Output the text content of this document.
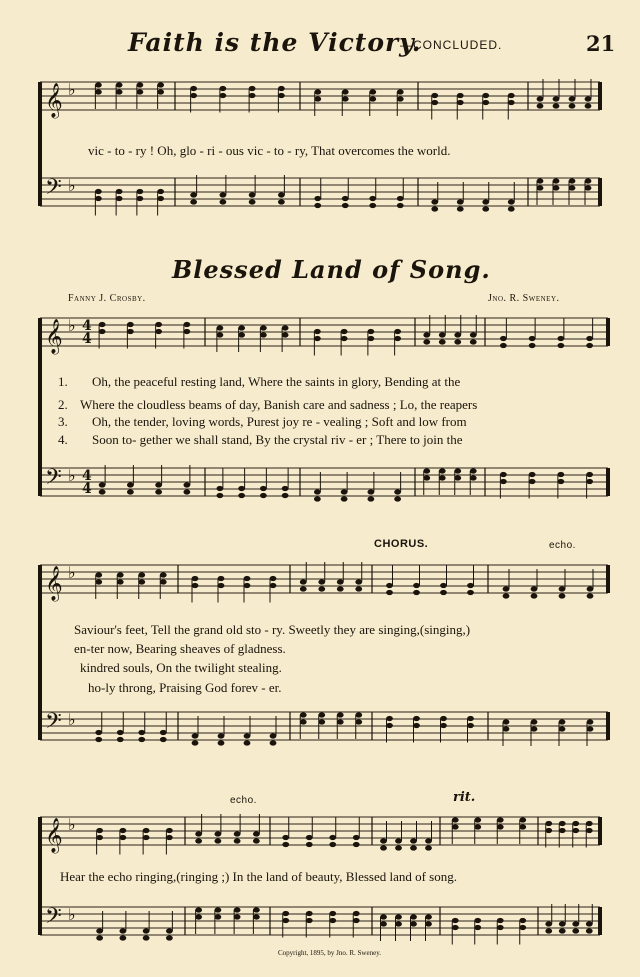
𝄞
𝄢
♭
♭
𝄞
𝄢
♭
♭
𝄞
𝄢
♭
♭
𝄞
𝄢
♭
♭
4
4
4
4
Faith is the Victory.
—CONCLUDED.	21
vic - to - ry ! Oh, glo - ri - ous vic - to - ry, That overcomes the world.
Blessed Land of Song.
Fanny J. Crosby.	Jno. R. Sweney.
1. Oh, the peaceful resting land, Where the saints in glory, Bending at the
2. Where the cloudless beams of day, Banish care and sadness ; Lo, the reapers
3. Oh, the tender, loving words, Purest joy re - vealing ; Soft and low from
4. Soon to- gether we shall stand, By the crystal riv - er ; There to join the
CHORUS.	echo.
Saviour's feet, Tell the grand old sto - ry. Sweetly they are singing,(singing,)
en-ter now, Bearing sheaves of gladness.
kindred souls, On the twilight stealing.
ho-ly throng, Praising God forev - er.
echo.	rit.
Hear the echo ringing,(ringing ;) In the land of beauty, Blessed land of song.
Copyright, 1895, by Jno. R. Sweney.
